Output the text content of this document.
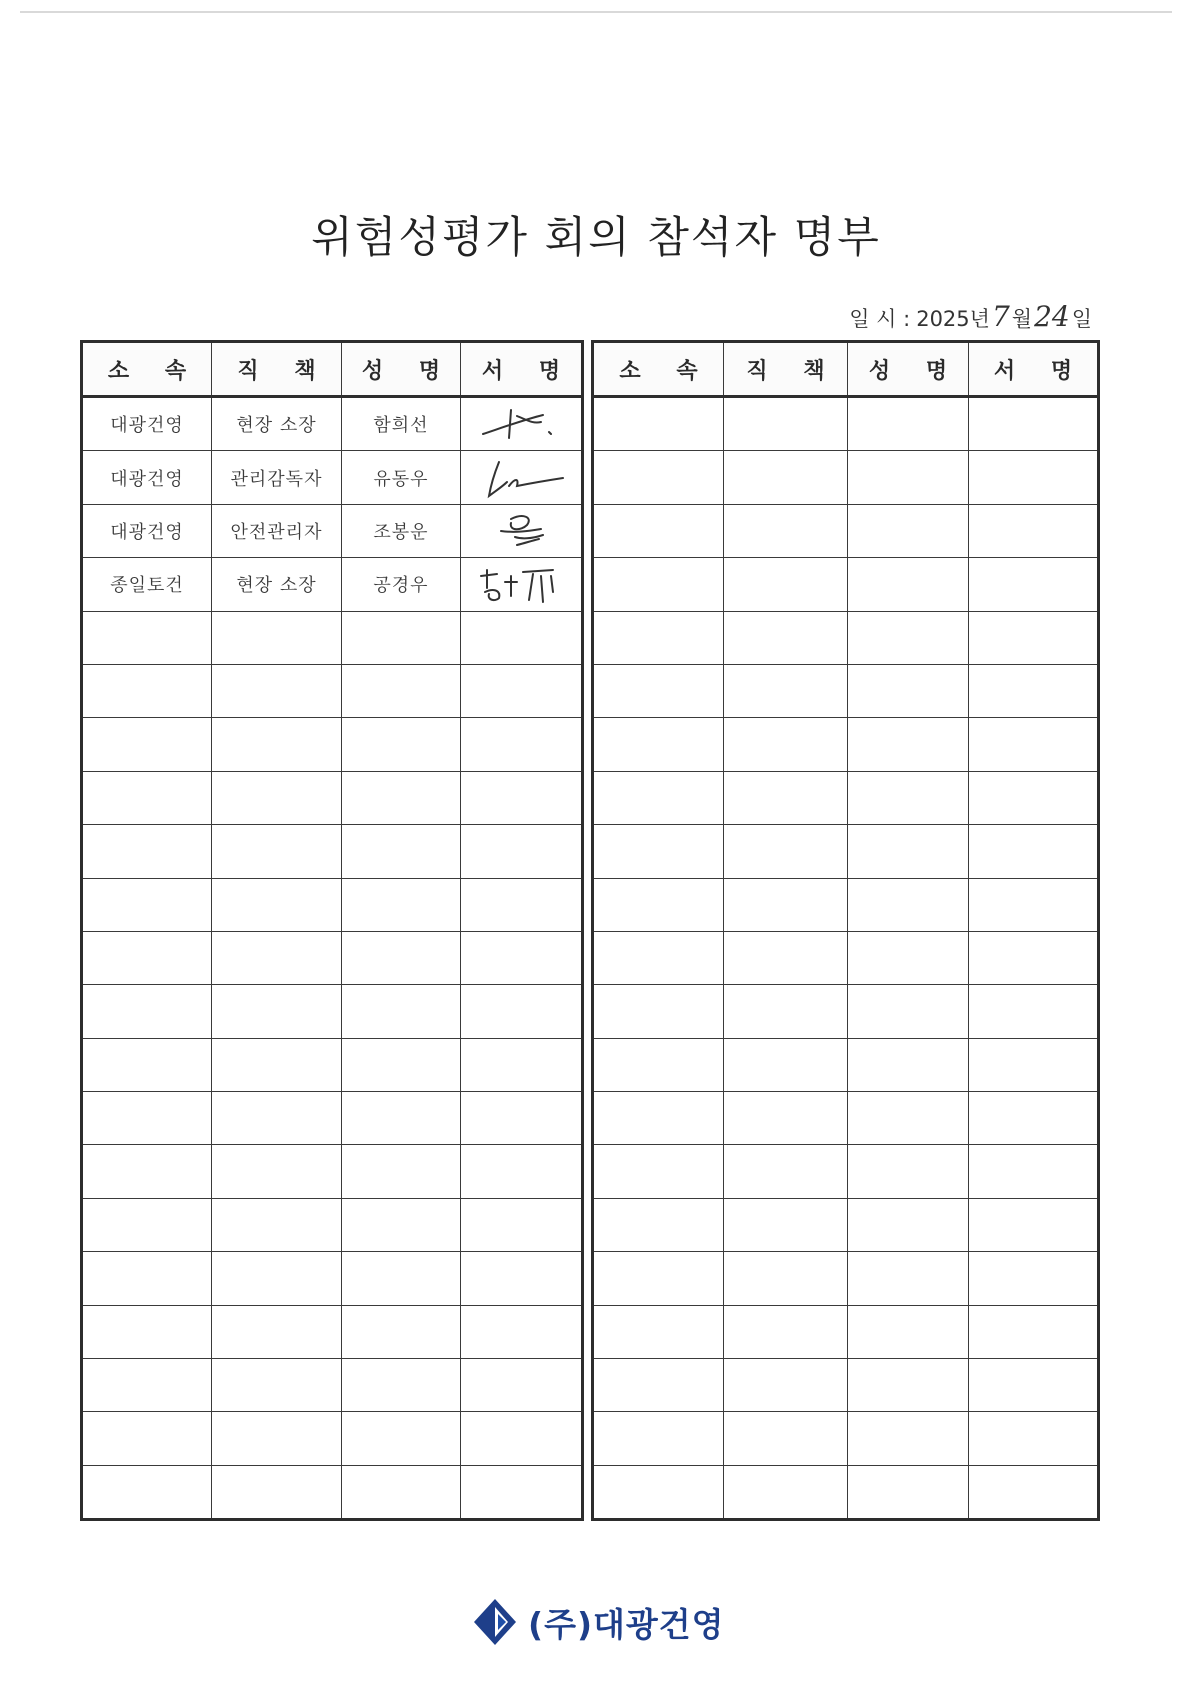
위험성평가 회의 참석자 명부
일 시 : 2025년 7 월 24 일
소 속	직 책	성 명	서 명
대광건영	현장 소장	함희선	

대광건영	관리감독자	유동우	

대광건영	안전관리자	조봉운	

종일토건	현장 소장	공경우	

소 속	직 책	성 명	서 명

(주)대광건영
